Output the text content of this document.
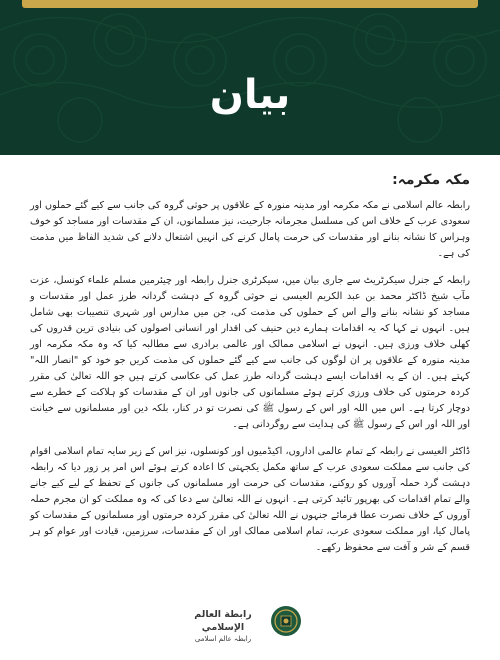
بیان
مکہ مکرمہ:

رابطہ عالم اسلامی نے مکہ مکرمہ اور مدینہ منورہ کے علاقوں پر حوثی گروہ کی جانب سے کیے گئے حملوں اور سعودی عرب کے خلاف اس کی مسلسل مجرمانہ جارحیت، نیز مسلمانوں، ان کے مقدسات اور مساجد کو خوف وہراس کا نشانہ بنانے اور مقدسات کی حرمت پامال کرنے کی انہیں اشتعال دلانے کی شدید الفاظ میں مذمت کی ہے۔

رابطہ کے جنرل سیکرٹریٹ سے جاری بیان میں، سیکرٹری جنرل رابطہ اور چیئرمین مسلم علماء کونسل، عزت مآب شیخ ڈاکٹر محمد بن عبد الکریم العیسی نے حوثی گروہ کے دہشت گردانہ طرز عمل اور مقدسات و مساجد کو نشانہ بنانے والے اس کے حملوں کی مذمت کی، جن میں مدارس اور شہری تنصیبات بھی شامل ہیں۔ انہوں نے کہا کہ یہ اقدامات ہمارے دین حنیف کی اقدار اور انسانی اصولوں کی بنیادی ترین قدروں کی کھلی خلاف ورزی ہیں۔ انہوں نے اسلامی ممالک اور عالمی برادری سے مطالبہ کیا کہ وہ مکہ مکرمہ اور مدینہ منورہ کے علاقوں پر ان لوگوں کی جانب سے کیے گئے حملوں کی مذمت کریں جو خود کو "انصار اللہ" کہتے ہیں۔ ان کے یہ اقدامات ایسے دہشت گردانہ طرز عمل کی عکاسی کرتے ہیں جو اللہ تعالیٰ کی مقرر کردہ حرمتوں کی خلاف ورزی کرتے ہوئے مسلمانوں کی جانوں اور ان کے مقدسات کو ہلاکت کے خطرے سے دوچار کرتا ہے۔ اس میں اللہ اور اس کے رسول ﷺ کی نصرت تو در کنار، بلکہ دین اور مسلمانوں سے خیانت اور اللہ اور اس کے رسول ﷺ کی ہدایت سے روگردانی ہے۔

ڈاکٹر العیسی نے رابطہ کے تمام عالمی اداروں، اکیڈمیوں اور کونسلوں، نیز اس کے زیر سایہ تمام اسلامی اقوام کی جانب سے مملکت سعودی عرب کے ساتھ مکمل یکجہتی کا اعادہ کرتے ہوئے اس امر پر زور دیا کہ رابطہ دہشت گرد حملہ آوروں کو روکنے، مقدسات کی حرمت اور مسلمانوں کی جانوں کے تحفظ کے لیے کیے جانے والے تمام اقدامات کی بھرپور تائید کرتی ہے۔ انہوں نے اللہ تعالیٰ سے دعا کی کہ وہ مملکت کو ان مجرم حملہ آوروں کے خلاف نصرت عطا فرمائے جنہوں نے اللہ تعالیٰ کی مقرر کردہ حرمتوں اور مسلمانوں کے مقدسات کو پامال کیا، اور مملکت سعودی عرب، تمام اسلامی ممالک اور ان کے مقدسات، سرزمین، قیادت اور عوام کو ہر قسم کے شر و آفت سے محفوظ رکھے۔

رابطة العالم الإسلامي
رابطہ عالم اسلامی
